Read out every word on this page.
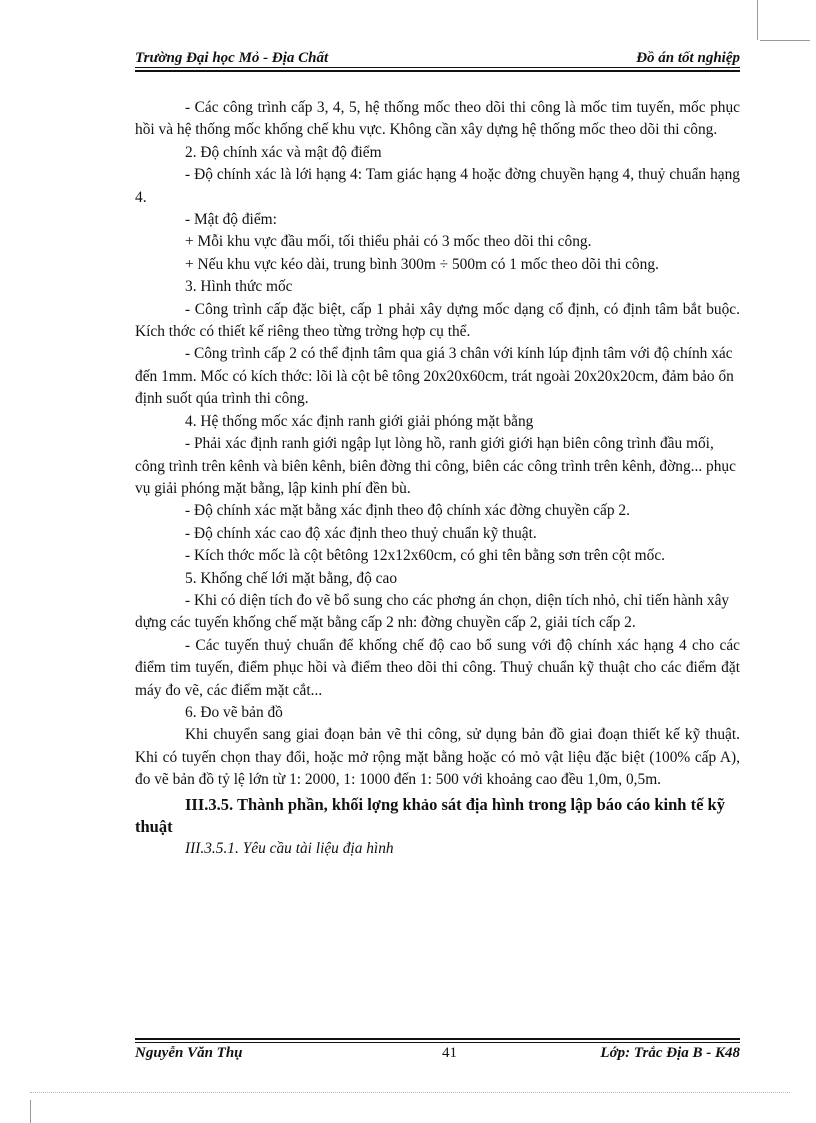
Trường Đại học Mỏ - Địa Chất	Đồ án tốt nghiệp

- Các công trình cấp 3, 4, 5, hệ thống mốc theo dõi thi công là mốc tim tuyến, mốc phục hồi và hệ thống mốc khống chế khu vực. Không cần xây dựng hệ thống mốc theo dõi thi công.

2. Độ chính xác và mật độ điểm

- Độ chính xác là lới hạng 4: Tam giác hạng 4 hoặc đờng chuyền hạng 4, thuỷ chuẩn hạng 4.

- Mật độ điểm:

+ Mỗi khu vực đầu mối, tối thiểu phải có 3 mốc theo dõi thi công.

+ Nếu khu vực kéo dài, trung bình 300m ÷ 500m có 1 mốc theo dõi thi công.

3. Hình thức mốc

- Công trình cấp đặc biệt, cấp 1 phải xây dựng mốc dạng cố định, có định tâm bắt buộc. Kích thớc có thiết kế riêng theo từng trờng hợp cụ thể.

- Công trình cấp 2 có thể định tâm qua giá 3 chân với kính lúp định tâm với độ chính xác đến 1mm. Mốc có kích thớc: lõi là cột bê tông 20x20x60cm, trát ngoài 20x20x20cm, đảm bảo ổn định suốt qúa trình thi công.

4. Hệ thống mốc xác định ranh giới giải phóng mặt bằng

- Phải xác định ranh giới ngập lụt lòng hồ, ranh giới giới hạn biên công trình đầu mối, công trình trên kênh và biên kênh, biên đờng thi công, biên các công trình trên kênh, đờng... phục vụ giải phóng mặt bằng, lập kinh phí đền bù.

- Độ chính xác mặt bằng xác định theo độ chính xác đờng chuyền cấp 2.

- Độ chính xác cao độ xác định theo thuỷ chuẩn kỹ thuật.

- Kích thớc mốc là cột bêtông 12x12x60cm, có ghi tên bằng sơn trên cột mốc.

5. Khống chế lới mặt bằng, độ cao

- Khi có diện tích đo vẽ bổ sung cho các phơng án chọn, diện tích nhỏ, chỉ tiến hành xây dựng các tuyến khống chế mặt bằng cấp 2 nh: đờng chuyền cấp 2, giải tích cấp 2.

- Các tuyến thuỷ chuẩn để khống chế độ cao bổ sung với độ chính xác hạng 4 cho các điểm tim tuyến, điểm phục hồi và điểm theo dõi thi công. Thuỷ chuẩn kỹ thuật cho các điểm đặt máy đo vẽ, các điểm mặt cắt...

6. Đo vẽ bản đồ

Khi chuyển sang giai đoạn bản vẽ thi công, sử dụng bản đồ giai đoạn thiết kế kỹ thuật. Khi có tuyến chọn thay đổi, hoặc mở rộng mặt bằng hoặc có mỏ vật liệu đặc biệt (100% cấp A), đo vẽ bản đồ tỷ lệ lớn từ 1: 2000, 1: 1000 đến 1: 500 với khoảng cao đều 1,0m, 0,5m.

III.3.5. Thành phần, khối lợng khảo sát địa hình trong lập báo cáo kinh tế kỹ thuật

III.3.5.1. Yêu cầu tài liệu địa hình

Nguyễn Văn Thụ	41	Lớp: Trắc Địa B - K48
